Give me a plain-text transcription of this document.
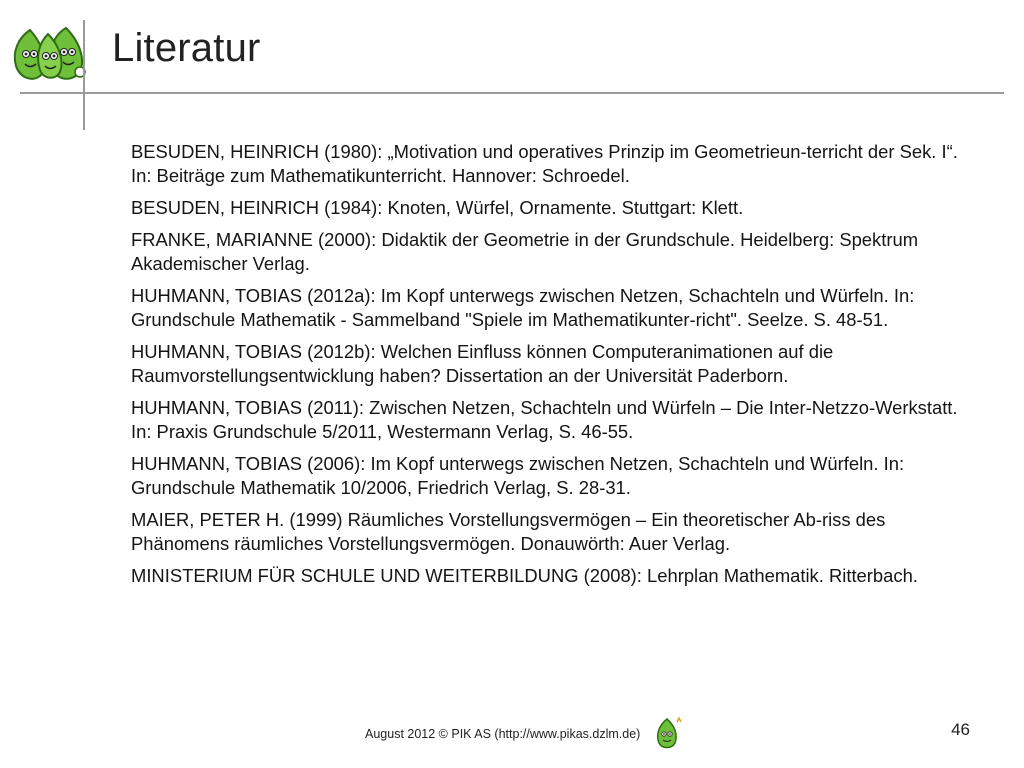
Literatur
BESUDEN, HEINRICH (1980): „Motivation und operatives Prinzip im Geometrieun-terricht der Sek. I“. In: Beiträge zum Mathematikunterricht. Hannover: Schroedel.
BESUDEN, HEINRICH (1984): Knoten, Würfel, Ornamente. Stuttgart: Klett.
FRANKE, MARIANNE (2000): Didaktik der Geometrie in der Grundschule. Heidelberg: Spektrum Akademischer Verlag.
HUHMANN, TOBIAS (2012a): Im Kopf unterwegs zwischen Netzen, Schachteln und Würfeln. In: Grundschule Mathematik - Sammelband "Spiele im Mathematikunter-richt". Seelze. S. 48-51.
HUHMANN, TOBIAS (2012b): Welchen Einfluss können Computeranimationen auf die Raumvorstellungsentwicklung haben? Dissertation an der Universität Paderborn.
HUHMANN, TOBIAS (2011): Zwischen Netzen, Schachteln und Würfeln – Die Inter-Netzzo-Werkstatt. In: Praxis Grundschule 5/2011, Westermann Verlag, S. 46-55.
HUHMANN, TOBIAS (2006): Im Kopf unterwegs zwischen Netzen, Schachteln und Würfeln. In: Grundschule Mathematik 10/2006, Friedrich Verlag, S. 28-31.
MAIER, PETER H. (1999) Räumliches Vorstellungsvermögen – Ein theoretischer Ab-riss des Phänomens räumliches Vorstellungsvermögen. Donauwörth: Auer Verlag.
MINISTERIUM FÜR SCHULE UND WEITERBILDUNG (2008): Lehrplan Mathematik. Ritterbach.
August 2012 © PIK AS (http://www.pikas.dzlm.de)	46
